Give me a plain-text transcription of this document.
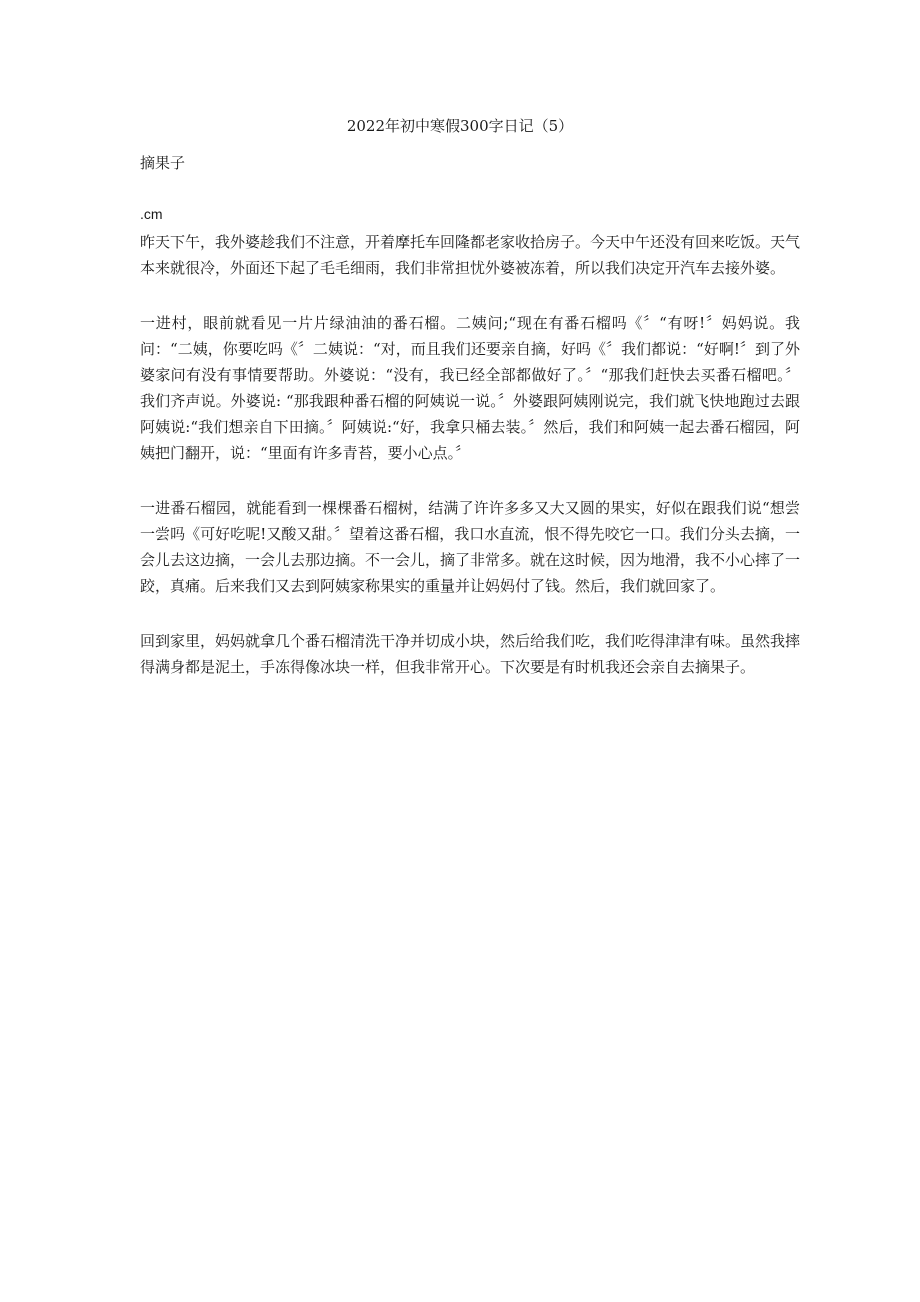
2022年初中寒假300字日记（5）
摘果子
.cm

昨天下午，我外婆趁我们不注意，开着摩托车回隆都老家收拾房子。今天中午还没有回来吃饭。天气本来就很冷，外面还下起了毛毛细雨，我们非常担忧外婆被冻着，所以我们决定开汽车去接外婆。

一进村，眼前就看见一片片绿油油的番石榴。二姨问;“现在有番石榴吗《〞“有呀!〞妈妈说。我问：“二姨，你要吃吗《〞二姨说：“对，而且我们还要亲自摘，好吗《〞我们都说：“好啊!〞到了外婆家问有没有事情要帮助。外婆说：“没有，我已经全部都做好了。〞“那我们赶快去买番石榴吧。〞我们齐声说。外婆说: “那我跟种番石榴的阿姨说一说。〞外婆跟阿姨刚说完，我们就飞快地跑过去跟阿姨说:“我们想亲自下田摘。〞阿姨说:“好，我拿只桶去装。〞然后，我们和阿姨一起去番石榴园，阿姨把门翻开，说：“里面有许多青苔，要小心点。〞

一进番石榴园，就能看到一棵棵番石榴树，结满了许许多多又大又圆的果实，好似在跟我们说“想尝一尝吗《可好吃呢!又酸又甜。〞望着这番石榴，我口水直流，恨不得先咬它一口。我们分头去摘，一会儿去这边摘，一会儿去那边摘。不一会儿，摘了非常多。就在这时候，因为地滑，我不小心摔了一跤，真痛。后来我们又去到阿姨家称果实的重量并让妈妈付了钱。然后，我们就回家了。

回到家里，妈妈就拿几个番石榴清洗干净并切成小块，然后给我们吃，我们吃得津津有味。虽然我摔得满身都是泥土，手冻得像冰块一样，但我非常开心。下次要是有时机我还会亲自去摘果子。
